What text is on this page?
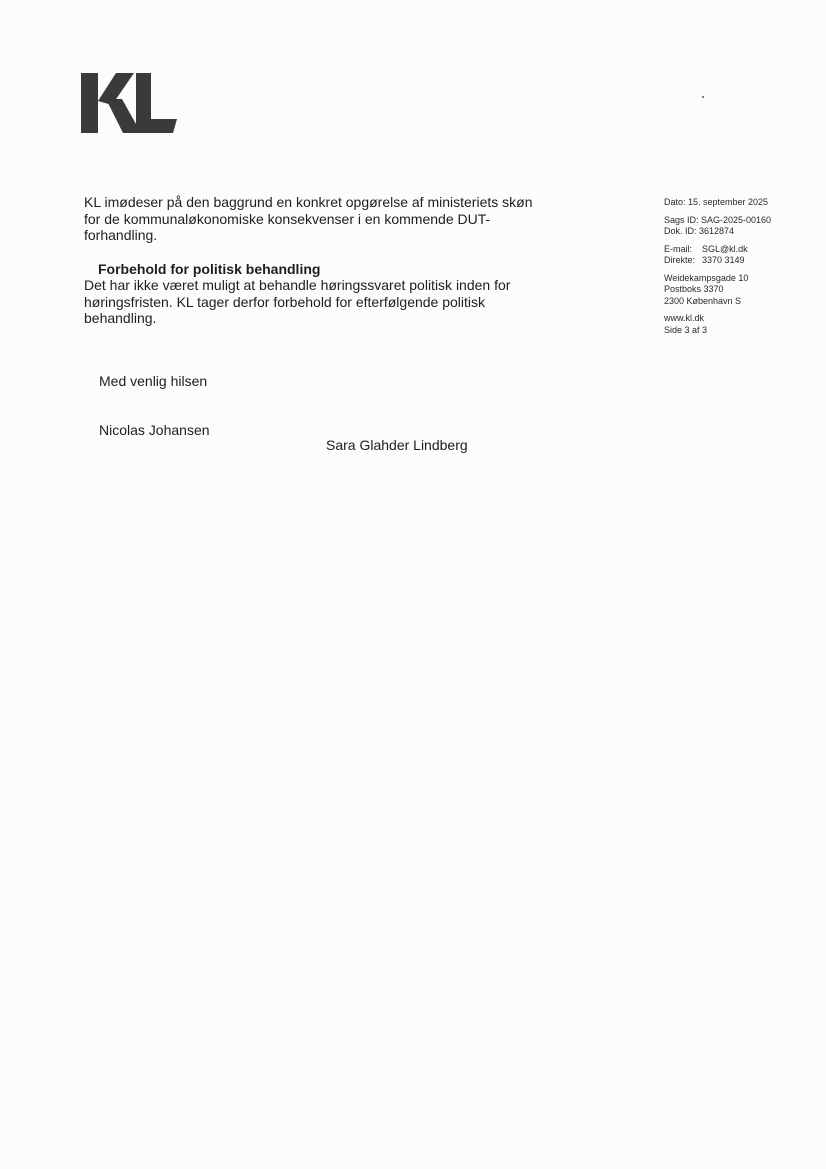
KL imødeser på den baggrund en konkret opgørelse af ministeriets skøn
for de kommunaløkonomiske konsekvenser i en kommende DUT-
forhandling.

Forbehold for politisk behandling

Det har ikke været muligt at behandle høringssvaret politisk inden for
høringsfristen. KL tager derfor forbehold for efterfølgende politisk
behandling.

Med venlig hilsen
Nicolas Johansen
Sara Glahder Lindberg
Dato: 15. september 2025
Sags ID: SAG-2025-00160
Dok. ID: 3612874
E-mail: SGL@kl.dk
Direkte: 3370 3149
Weidekampsgade 10
Postboks 3370
2300 København S
www.kl.dk
Side 3 af 3
